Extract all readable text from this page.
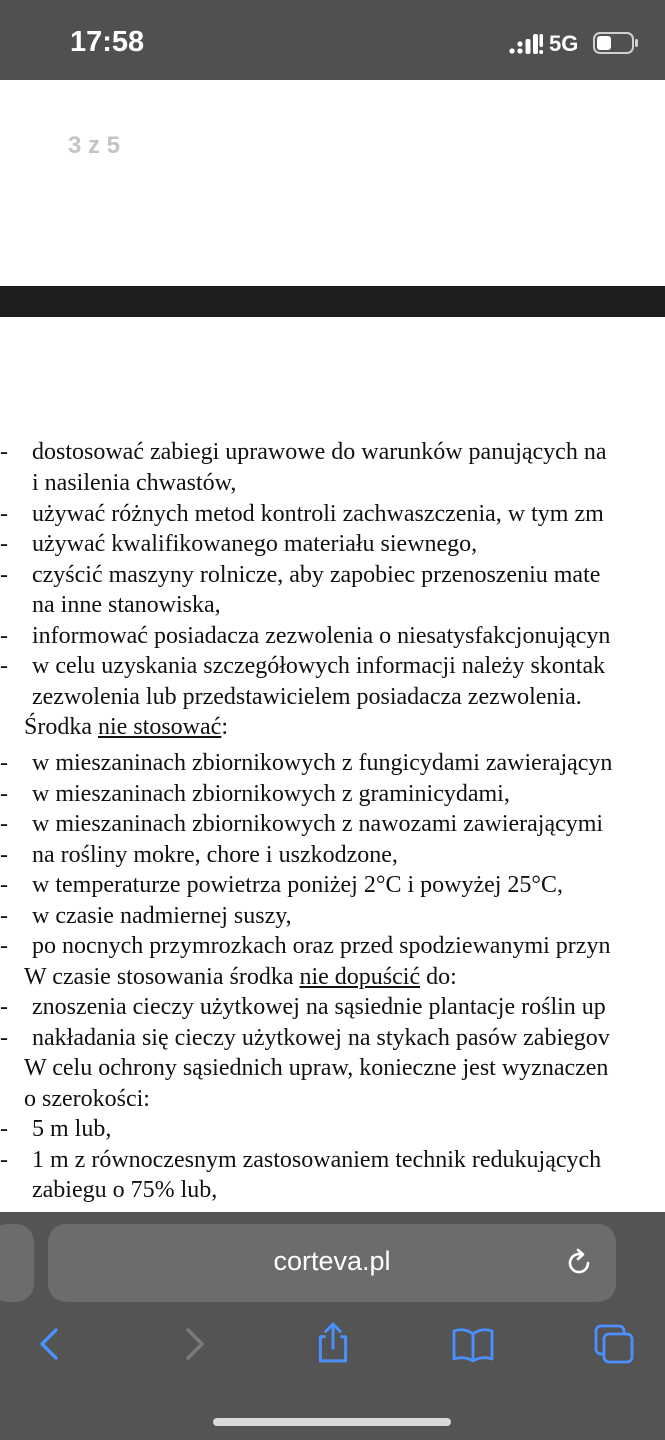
17:58	5G
3 z 5
- dostosować zabiegi uprawowe do warunków panujących na
i nasilenia chwastów,
- używać różnych metod kontroli zachwaszczenia, w tym zm
- używać kwalifikowanego materiału siewnego,
- czyścić maszyny rolnicze, aby zapobiec przenoszeniu mate
na inne stanowiska,
- informować posiadacza zezwolenia o niesatysfakcjonującyn
- w celu uzyskania szczegółowych informacji należy skontak
zezwolenia lub przedstawicielem posiadacza zezwolenia.
Środka nie stosować:
- w mieszaninach zbiornikowych z fungicydami zawierającyn
- w mieszaninach zbiornikowych z graminicydami,
- w mieszaninach zbiornikowych z nawozami zawierającymi
- na rośliny mokre, chore i uszkodzone,
- w temperaturze powietrza poniżej 2°C i powyżej 25°C,
- w czasie nadmiernej suszy,
- po nocnych przymrozkach oraz przed spodziewanymi przyn
W czasie stosowania środka nie dopuścić do:
- znoszenia cieczy użytkowej na sąsiednie plantacje roślin up
- nakładania się cieczy użytkowej na stykach pasów zabiegov
W celu ochrony sąsiednich upraw, konieczne jest wyznaczen
o szerokości:
- 5 m lub,
- 1 m z równoczesnym zastosowaniem technik redukujących
zabiegu o 75% lub,
corteva.pl
